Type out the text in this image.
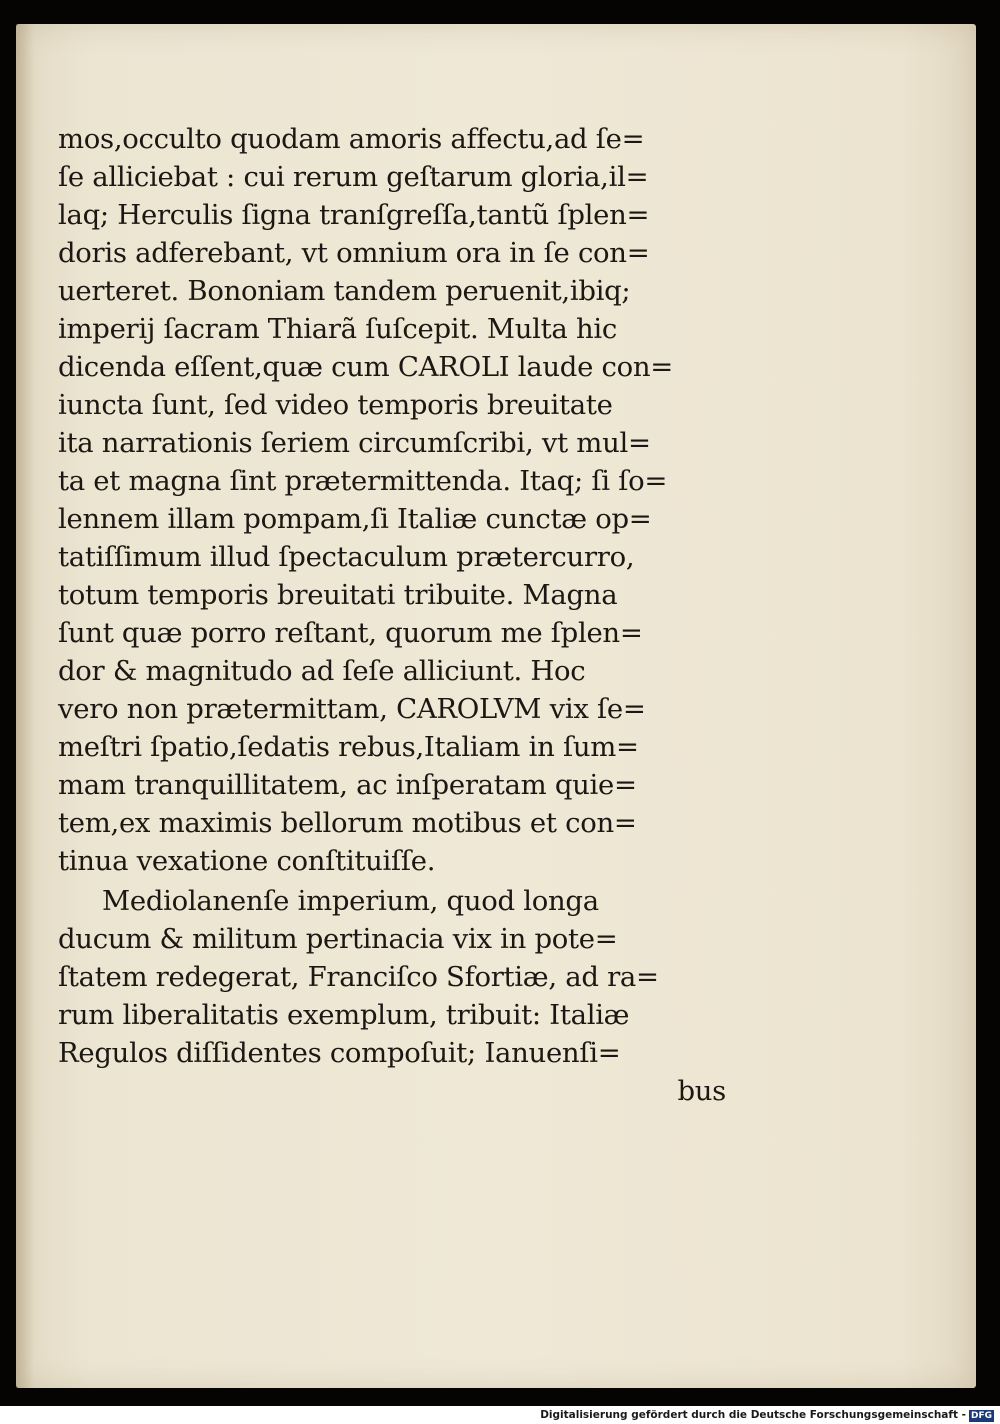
mos,occulto quodam amoris affectu,ad ſe=
ſe alliciebat : cui rerum geſtarum gloria,il=
laq; Herculis ſigna tranſgreſſa,tantũ ſplen=
doris adferebant, vt omnium ora in ſe con=
uerteret. Bononiam tandem peruenit,ibiq;
imperij ſacram Thiarã ſuſcepit. Multa hic
dicenda eſſent,quæ cum CAROLI laude con=
iuncta ſunt, ſed video temporis breuitate
ita narrationis ſeriem circumſcribi, vt mul=
ta et magna ſint prætermittenda. Itaq; ſi ſo=
lennem illam pompam,ſi Italiæ cunctæ op=
tatiſſimum illud ſpectaculum prætercurro,
totum temporis breuitati tribuite. Magna
ſunt quæ porro reſtant, quorum me ſplen=
dor & magnitudo ad ſeſe alliciunt. Hoc
vero non prætermittam, CAROLVM vix ſe=
meſtri ſpatio,ſedatis rebus,Italiam in ſum=
mam tranquillitatem, ac inſperatam quie=
tem,ex maximis bellorum motibus et con=
tinua vexatione conſtituiſſe.
Mediolanenſe imperium, quod longa
ducum & militum pertinacia vix in pote=
ſtatem redegerat, Franciſco Sfortiæ, ad ra=
rum liberalitatis exemplum, tribuit: Italiæ
Regulos diſſidentes compoſuit; Ianuenſi=
bus
Digitalisierung gefördert durch die Deutsche Forschungsgemeinschaft - DFG
